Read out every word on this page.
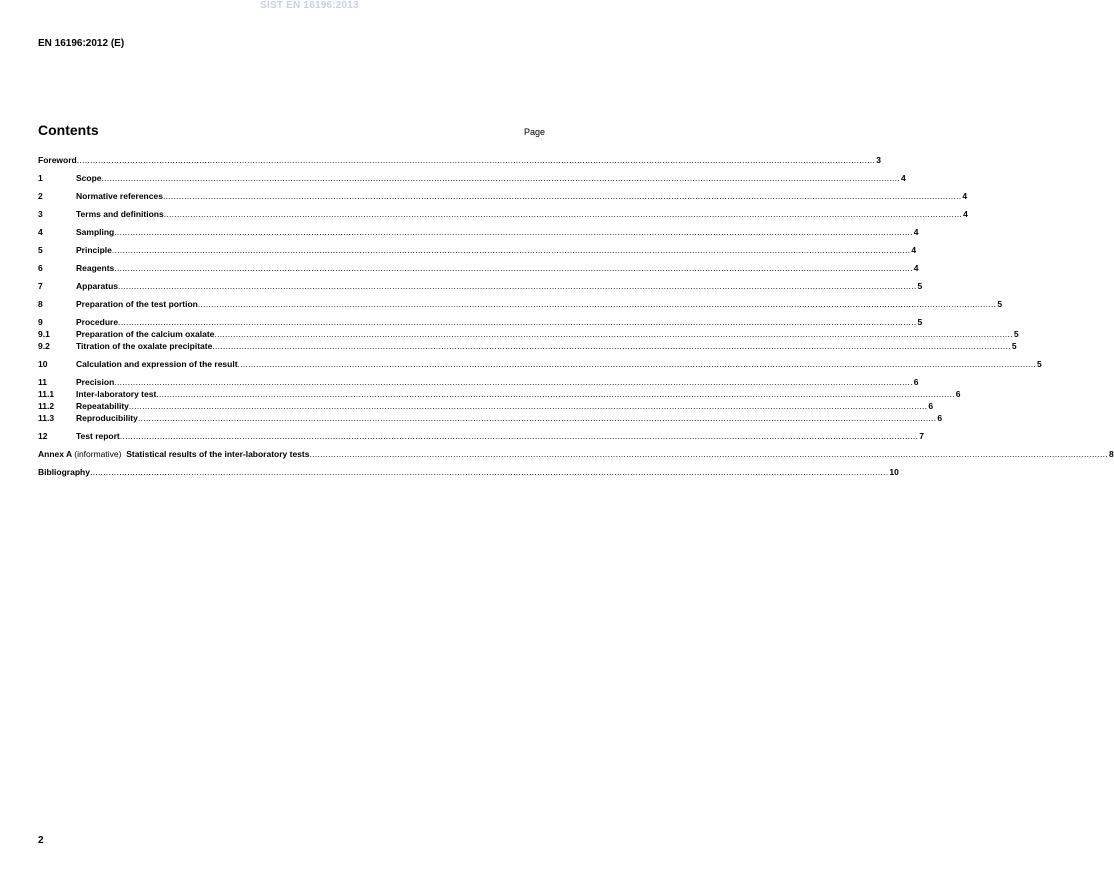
SIST EN 16196:2013
EN 16196:2012 (E)
Contents	Page
Foreword ............................................................................................................................................................................................................................................................................................................ 3
1	Scope ............................................................................................................................................................................................................................................................................................................ 4
2	Normative references ............................................................................................................................................................................................................................................................................................................ 4
3	Terms and definitions ............................................................................................................................................................................................................................................................................................................ 4
4	Sampling ............................................................................................................................................................................................................................................................................................................ 4
5	Principle ............................................................................................................................................................................................................................................................................................................ 4
6	Reagents ............................................................................................................................................................................................................................................................................................................ 4
7	Apparatus ............................................................................................................................................................................................................................................................................................................ 5
8	Preparation of the test portion ............................................................................................................................................................................................................................................................................................................ 5
9	Procedure ............................................................................................................................................................................................................................................................................................................ 5
9.1	Preparation of the calcium oxalate ............................................................................................................................................................................................................................................................................................................ 5
9.2	Titration of the oxalate precipitate ............................................................................................................................................................................................................................................................................................................ 5
10	Calculation and expression of the result ............................................................................................................................................................................................................................................................................................................ 5
11	Precision ............................................................................................................................................................................................................................................................................................................ 6
11.1	Inter-laboratory test ............................................................................................................................................................................................................................................................................................................ 6
11.2	Repeatability ............................................................................................................................................................................................................................................................................................................ 6
11.3	Reproducibility ............................................................................................................................................................................................................................................................................................................ 6
12	Test report ............................................................................................................................................................................................................................................................................................................ 7
Annex A (informative) Statistical results of the inter-laboratory tests ............................................................................................................................................................................................................................................................................................................ 8
Bibliography ............................................................................................................................................................................................................................................................................................................ 10
2
